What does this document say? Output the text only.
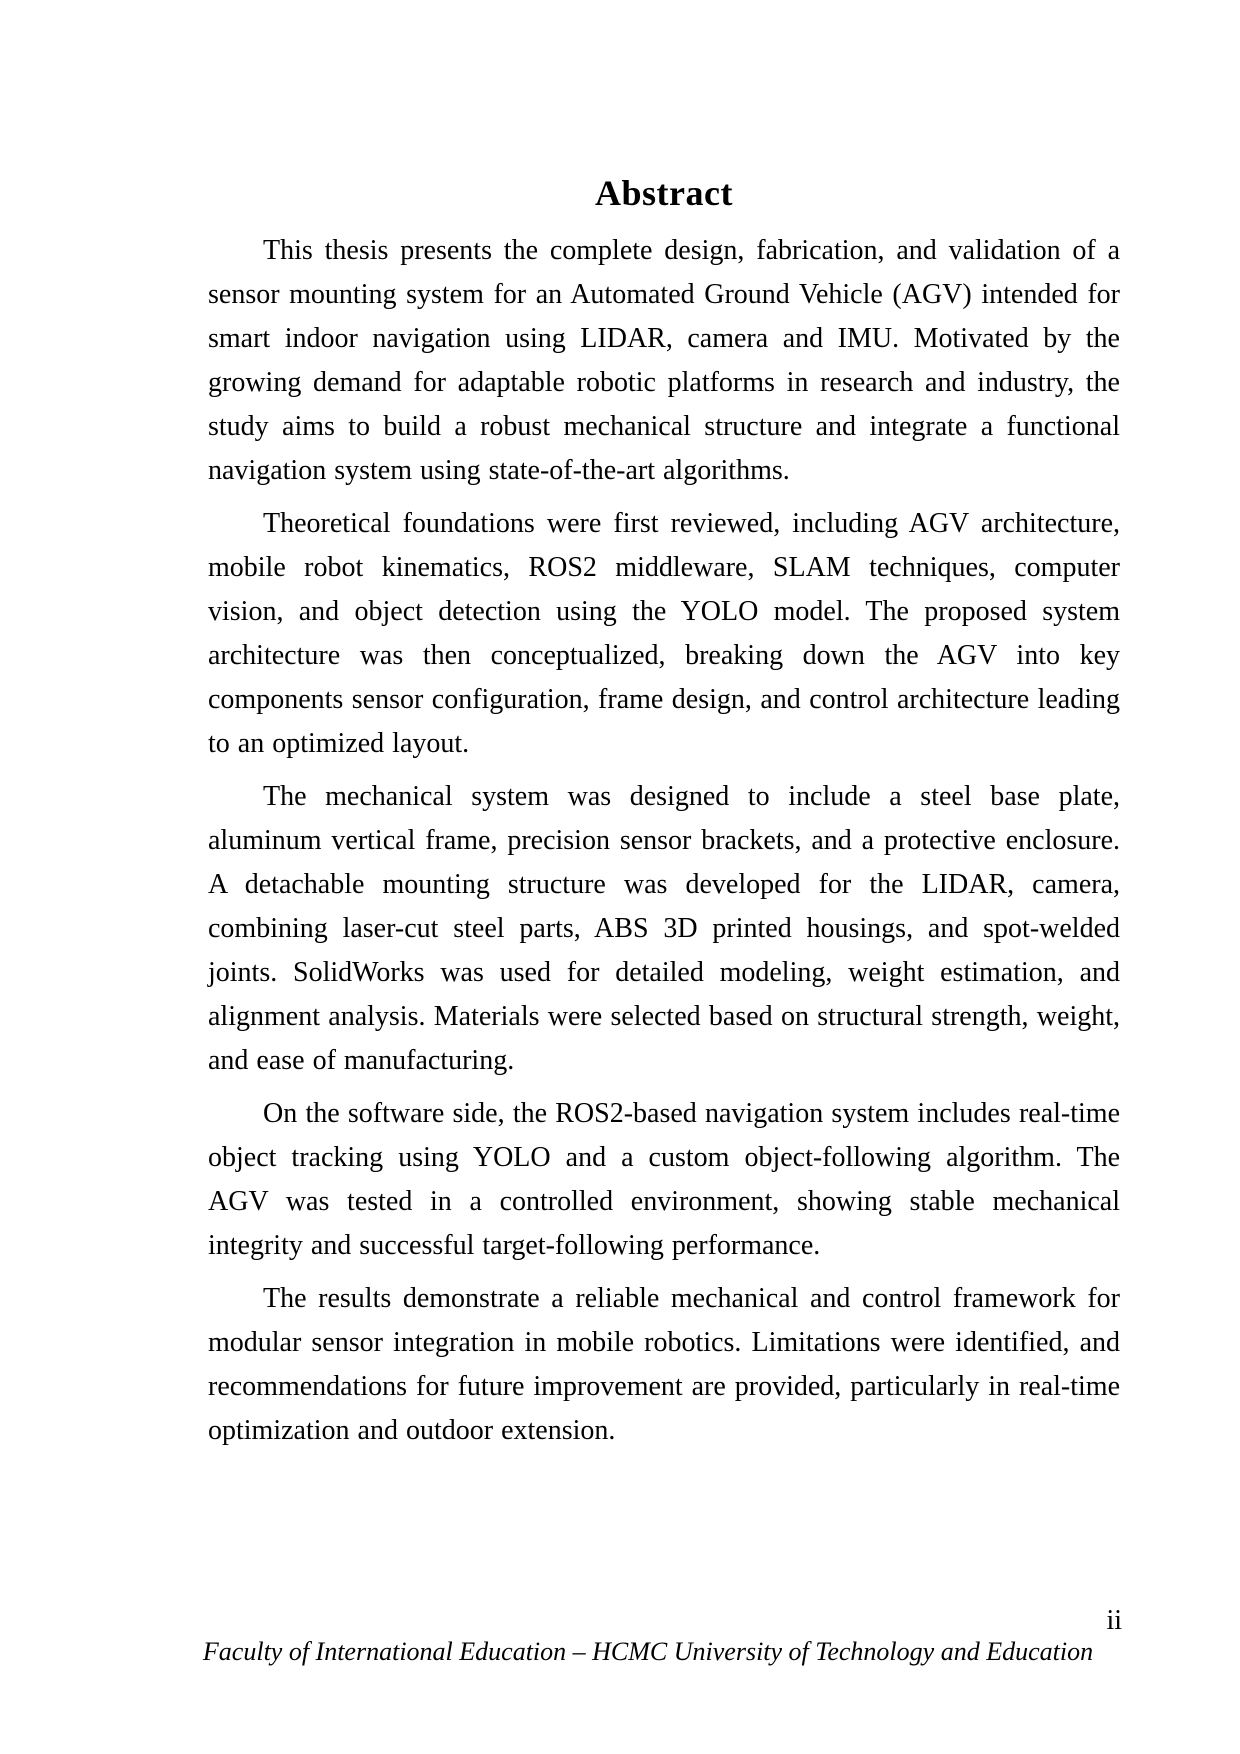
Abstract

This thesis presents the complete design, fabrication, and validation of a sensor mounting system for an Automated Ground Vehicle (AGV) intended for smart indoor navigation using LIDAR, camera and IMU. Motivated by the growing demand for adaptable robotic platforms in research and industry, the study aims to build a robust mechanical structure and integrate a functional navigation system using state-of-the-art algorithms.

Theoretical foundations were first reviewed, including AGV architecture, mobile robot kinematics, ROS2 middleware, SLAM techniques, computer vision, and object detection using the YOLO model. The proposed system architecture was then conceptualized, breaking down the AGV into key components sensor configuration, frame design, and control architecture leading to an optimized layout.

The mechanical system was designed to include a steel base plate, aluminum vertical frame, precision sensor brackets, and a protective enclosure. A detachable mounting structure was developed for the LIDAR, camera, combining laser-cut steel parts, ABS 3D printed housings, and spot-welded joints. SolidWorks was used for detailed modeling, weight estimation, and alignment analysis. Materials were selected based on structural strength, weight, and ease of manufacturing.

On the software side, the ROS2-based navigation system includes real-time object tracking using YOLO and a custom object-following algorithm. The AGV was tested in a controlled environment, showing stable mechanical integrity and successful target-following performance.

The results demonstrate a reliable mechanical and control framework for modular sensor integration in mobile robotics. Limitations were identified, and recommendations for future improvement are provided, particularly in real-time optimization and outdoor extension.

ii
Faculty of International Education – HCMC University of Technology and Education
